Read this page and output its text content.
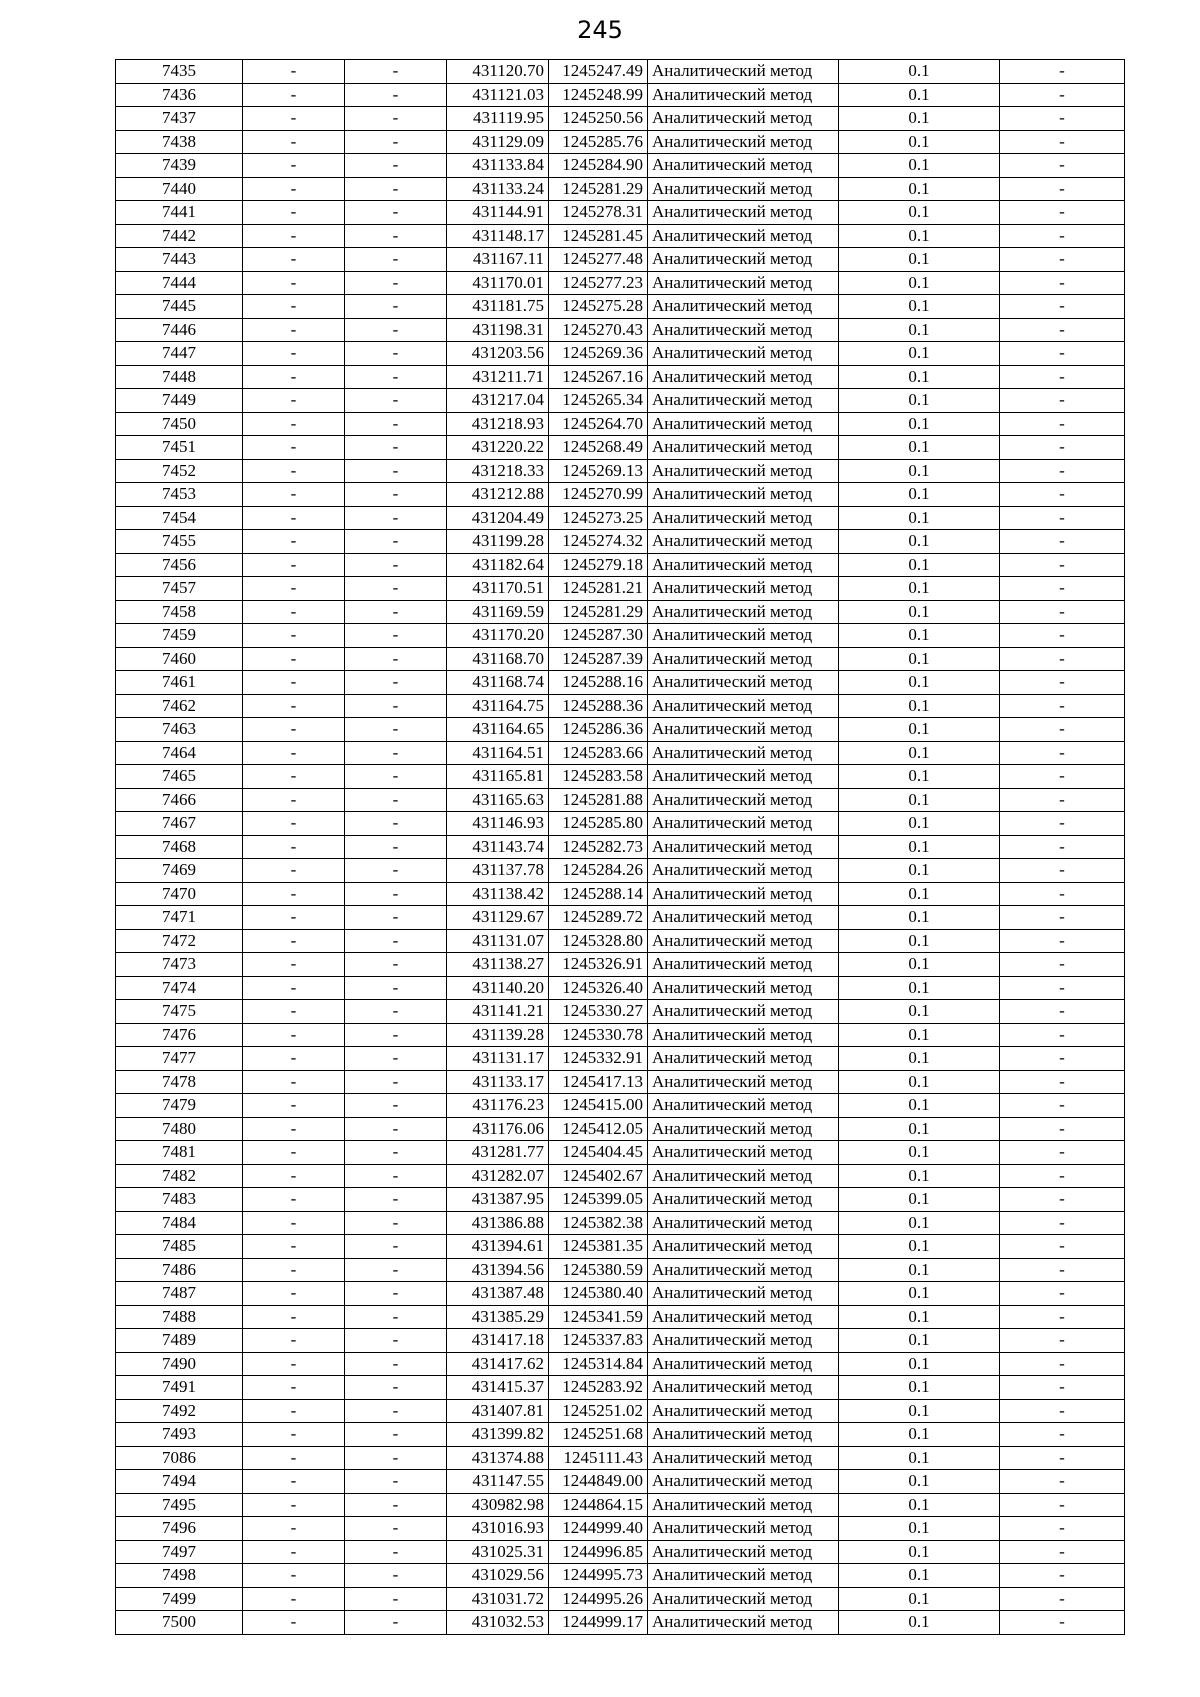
245
7435	-	-	431120.70	1245247.49	Аналитический метод	0.1	-
7436	-	-	431121.03	1245248.99	Аналитический метод	0.1	-
7437	-	-	431119.95	1245250.56	Аналитический метод	0.1	-
7438	-	-	431129.09	1245285.76	Аналитический метод	0.1	-
7439	-	-	431133.84	1245284.90	Аналитический метод	0.1	-
7440	-	-	431133.24	1245281.29	Аналитический метод	0.1	-
7441	-	-	431144.91	1245278.31	Аналитический метод	0.1	-
7442	-	-	431148.17	1245281.45	Аналитический метод	0.1	-
7443	-	-	431167.11	1245277.48	Аналитический метод	0.1	-
7444	-	-	431170.01	1245277.23	Аналитический метод	0.1	-
7445	-	-	431181.75	1245275.28	Аналитический метод	0.1	-
7446	-	-	431198.31	1245270.43	Аналитический метод	0.1	-
7447	-	-	431203.56	1245269.36	Аналитический метод	0.1	-
7448	-	-	431211.71	1245267.16	Аналитический метод	0.1	-
7449	-	-	431217.04	1245265.34	Аналитический метод	0.1	-
7450	-	-	431218.93	1245264.70	Аналитический метод	0.1	-
7451	-	-	431220.22	1245268.49	Аналитический метод	0.1	-
7452	-	-	431218.33	1245269.13	Аналитический метод	0.1	-
7453	-	-	431212.88	1245270.99	Аналитический метод	0.1	-
7454	-	-	431204.49	1245273.25	Аналитический метод	0.1	-
7455	-	-	431199.28	1245274.32	Аналитический метод	0.1	-
7456	-	-	431182.64	1245279.18	Аналитический метод	0.1	-
7457	-	-	431170.51	1245281.21	Аналитический метод	0.1	-
7458	-	-	431169.59	1245281.29	Аналитический метод	0.1	-
7459	-	-	431170.20	1245287.30	Аналитический метод	0.1	-
7460	-	-	431168.70	1245287.39	Аналитический метод	0.1	-
7461	-	-	431168.74	1245288.16	Аналитический метод	0.1	-
7462	-	-	431164.75	1245288.36	Аналитический метод	0.1	-
7463	-	-	431164.65	1245286.36	Аналитический метод	0.1	-
7464	-	-	431164.51	1245283.66	Аналитический метод	0.1	-
7465	-	-	431165.81	1245283.58	Аналитический метод	0.1	-
7466	-	-	431165.63	1245281.88	Аналитический метод	0.1	-
7467	-	-	431146.93	1245285.80	Аналитический метод	0.1	-
7468	-	-	431143.74	1245282.73	Аналитический метод	0.1	-
7469	-	-	431137.78	1245284.26	Аналитический метод	0.1	-
7470	-	-	431138.42	1245288.14	Аналитический метод	0.1	-
7471	-	-	431129.67	1245289.72	Аналитический метод	0.1	-
7472	-	-	431131.07	1245328.80	Аналитический метод	0.1	-
7473	-	-	431138.27	1245326.91	Аналитический метод	0.1	-
7474	-	-	431140.20	1245326.40	Аналитический метод	0.1	-
7475	-	-	431141.21	1245330.27	Аналитический метод	0.1	-
7476	-	-	431139.28	1245330.78	Аналитический метод	0.1	-
7477	-	-	431131.17	1245332.91	Аналитический метод	0.1	-
7478	-	-	431133.17	1245417.13	Аналитический метод	0.1	-
7479	-	-	431176.23	1245415.00	Аналитический метод	0.1	-
7480	-	-	431176.06	1245412.05	Аналитический метод	0.1	-
7481	-	-	431281.77	1245404.45	Аналитический метод	0.1	-
7482	-	-	431282.07	1245402.67	Аналитический метод	0.1	-
7483	-	-	431387.95	1245399.05	Аналитический метод	0.1	-
7484	-	-	431386.88	1245382.38	Аналитический метод	0.1	-
7485	-	-	431394.61	1245381.35	Аналитический метод	0.1	-
7486	-	-	431394.56	1245380.59	Аналитический метод	0.1	-
7487	-	-	431387.48	1245380.40	Аналитический метод	0.1	-
7488	-	-	431385.29	1245341.59	Аналитический метод	0.1	-
7489	-	-	431417.18	1245337.83	Аналитический метод	0.1	-
7490	-	-	431417.62	1245314.84	Аналитический метод	0.1	-
7491	-	-	431415.37	1245283.92	Аналитический метод	0.1	-
7492	-	-	431407.81	1245251.02	Аналитический метод	0.1	-
7493	-	-	431399.82	1245251.68	Аналитический метод	0.1	-
7086	-	-	431374.88	1245111.43	Аналитический метод	0.1	-
7494	-	-	431147.55	1244849.00	Аналитический метод	0.1	-
7495	-	-	430982.98	1244864.15	Аналитический метод	0.1	-
7496	-	-	431016.93	1244999.40	Аналитический метод	0.1	-
7497	-	-	431025.31	1244996.85	Аналитический метод	0.1	-
7498	-	-	431029.56	1244995.73	Аналитический метод	0.1	-
7499	-	-	431031.72	1244995.26	Аналитический метод	0.1	-
7500	-	-	431032.53	1244999.17	Аналитический метод	0.1	-
